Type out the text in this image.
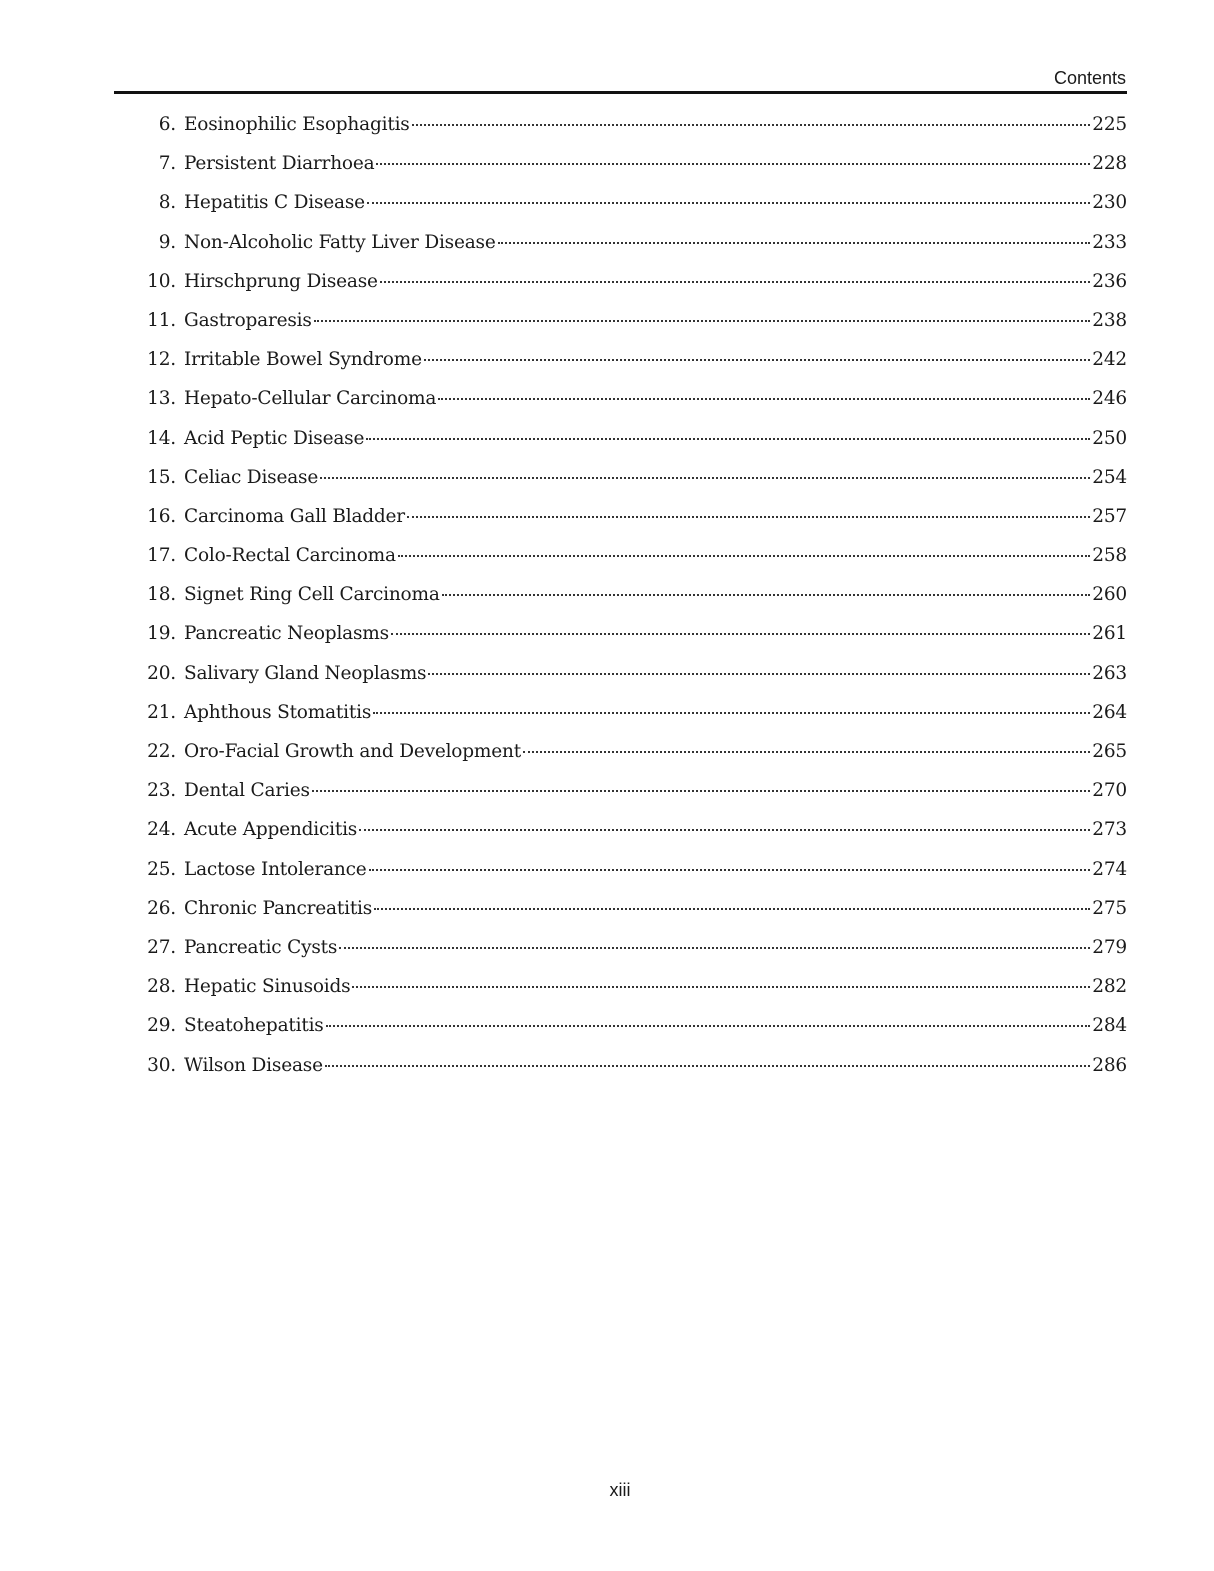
Contents
6. Eosinophilic Esophagitis	225
7. Persistent Diarrhoea	228
8. Hepatitis C Disease	230
9. Non-Alcoholic Fatty Liver Disease	233
10. Hirschprung Disease	236
11. Gastroparesis	238
12. Irritable Bowel Syndrome	242
13. Hepato-Cellular Carcinoma	246
14. Acid Peptic Disease	250
15. Celiac Disease	254
16. Carcinoma Gall Bladder	257
17. Colo-Rectal Carcinoma	258
18. Signet Ring Cell Carcinoma	260
19. Pancreatic Neoplasms	261
20. Salivary Gland Neoplasms	263
21. Aphthous Stomatitis	264
22. Oro-Facial Growth and Development	265
23. Dental Caries	270
24. Acute Appendicitis	273
25. Lactose Intolerance	274
26. Chronic Pancreatitis	275
27. Pancreatic Cysts	279
28. Hepatic Sinusoids	282
29. Steatohepatitis	284
30. Wilson Disease	286
xiii
